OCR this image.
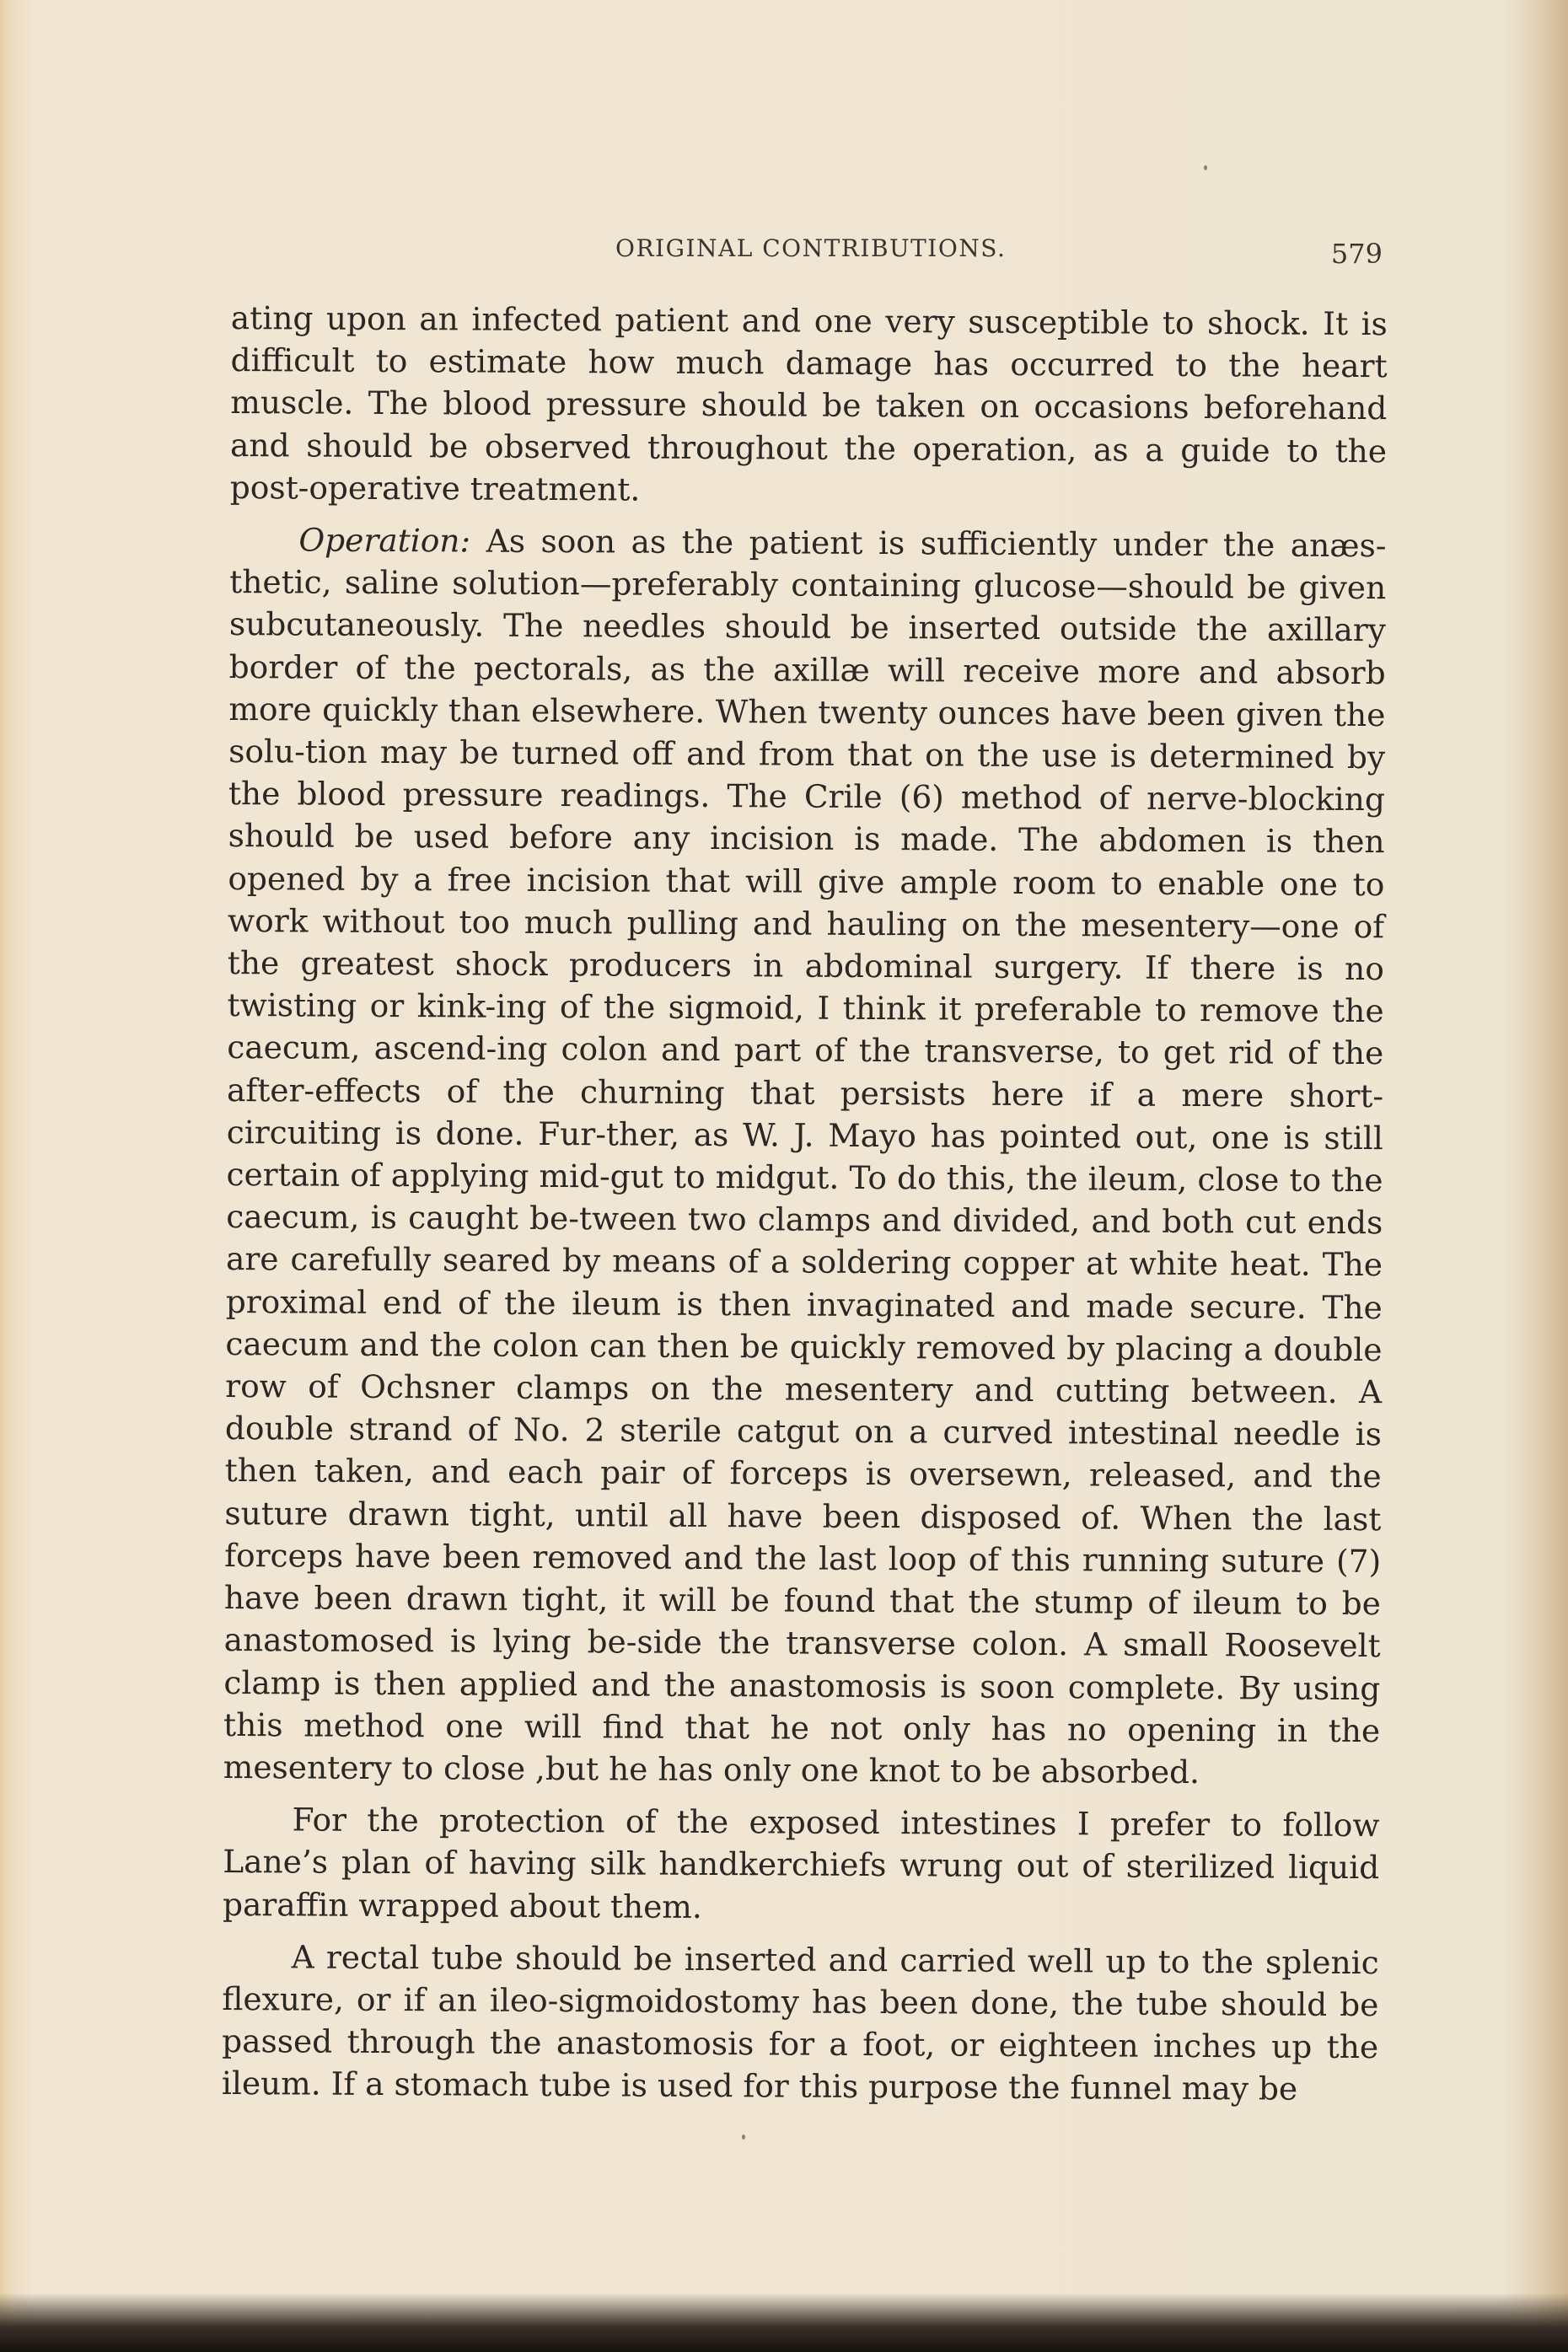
ORIGINAL CONTRIBUTIONS.	579

ating upon an infected patient and one very susceptible to shock. It is difficult to estimate how much damage has occurred to the heart muscle. The blood pressure should be taken on occasions beforehand and should be observed throughout the operation, as a guide to the post-operative treatment.

Operation: As soon as the patient is sufficiently under the anæs-thetic, saline solution—preferably containing glucose—should be given subcutaneously. The needles should be inserted outside the axillary border of the pectorals, as the axillæ will receive more and absorb more quickly than elsewhere. When twenty ounces have been given the solu-tion may be turned off and from that on the use is determined by the blood pressure readings. The Crile (6) method of nerve-blocking should be used before any incision is made. The abdomen is then opened by a free incision that will give ample room to enable one to work without too much pulling and hauling on the mesentery—one of the greatest shock producers in abdominal surgery. If there is no twisting or kink-ing of the sigmoid, I think it preferable to remove the caecum, ascend-ing colon and part of the transverse, to get rid of the after-effects of the churning that persists here if a mere short-circuiting is done. Fur-ther, as W. J. Mayo has pointed out, one is still certain of applying mid-gut to midgut. To do this, the ileum, close to the caecum, is caught be-tween two clamps and divided, and both cut ends are carefully seared by means of a soldering copper at white heat. The proximal end of the ileum is then invaginated and made secure. The caecum and the colon can then be quickly removed by placing a double row of Ochsner clamps on the mesentery and cutting between. A double strand of No. 2 sterile catgut on a curved intestinal needle is then taken, and each pair of forceps is oversewn, released, and the suture drawn tight, until all have been disposed of. When the last forceps have been removed and the last loop of this running suture (7) have been drawn tight, it will be found that the stump of ileum to be anastomosed is lying be-side the transverse colon. A small Roosevelt clamp is then applied and the anastomosis is soon complete. By using this method one will find that he not only has no opening in the mesentery to close ,but he has only one knot to be absorbed.

For the protection of the exposed intestines I prefer to follow Lane’s plan of having silk handkerchiefs wrung out of sterilized liquid paraffin wrapped about them.

A rectal tube should be inserted and carried well up to the splenic flexure, or if an ileo-sigmoidostomy has been done, the tube should be passed through the anastomosis for a foot, or eighteen inches up the ileum. If a stomach tube is used for this purpose the funnel may be
